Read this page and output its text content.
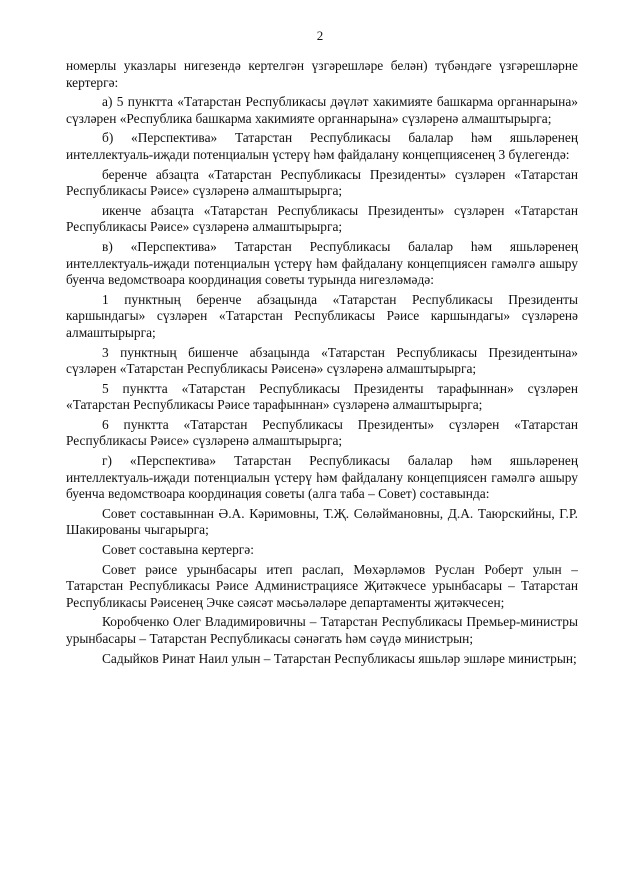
2

номерлы указлары нигезендә кертелгән үзгәрешләре белән) түбәндәге үзгәрешләрне кертергә:

а) 5 пунктта «Татарстан Республикасы дәүләт хакимияте башкарма органнарына» сүзләрен «Республика башкарма хакимияте органнарына» сүзләренә алмаштырырга;

б) «Перспектива» Татарстан Республикасы балалар һәм яшьләренең интеллектуаль-иҗади потенциалын үстерү һәм файдалану концепциясенең 3 бүлегендә:

беренче абзацта «Татарстан Республикасы Президенты» сүзләрен «Татарстан Республикасы Рәисе» сүзләренә алмаштырырга;

икенче абзацта «Татарстан Республикасы Президенты» сүзләрен «Татарстан Республикасы Рәисе» сүзләренә алмаштырырга;

в) «Перспектива» Татарстан Республикасы балалар һәм яшьләренең интеллектуаль-иҗади потенциалын үстерү һәм файдалану концепциясен гамәлгә ашыру буенча ведомствоара координация советы турында нигезләмәдә:

1 пунктның беренче абзацында «Татарстан Республикасы Президенты каршындагы» сүзләрен «Татарстан Республикасы Рәисе каршындагы» сүзләренә алмаштырырга;

3 пунктның бишенче абзацында «Татарстан Республикасы Президентына» сүзләрен «Татарстан Республикасы Рәисенә» сүзләренә алмаштырырга;

5 пунктта «Татарстан Республикасы Президенты тарафыннан» сүзләрен «Татарстан Республикасы Рәисе тарафыннан» сүзләренә алмаштырырга;

6 пунктта «Татарстан Республикасы Президенты» сүзләрен «Татарстан Республикасы Рәисе» сүзләренә алмаштырырга;

г) «Перспектива» Татарстан Республикасы балалар һәм яшьләренең интеллектуаль-иҗади потенциалын үстерү һәм файдалану концепциясен гамәлгә ашыру буенча ведомствоара координация советы (алга таба – Совет) составында:

Совет составыннан Ә.А. Кәримовны, Т.Җ. Сөләймановны, Д.А. Таюрскийны, Г.Р. Шакированы чыгарырга;

Совет составына кертергә:

Совет рәисе урынбасары итеп раслап, Мөхәрләмов Руслан Роберт улын – Татарстан Республикасы Рәисе Администрациясе Җитәкчесе урынбасары – Татарстан Республикасы Рәисенең Эчке сәясәт мәсьәләләре департаменты җитәкчесен;

Коробченко Олег Владимировичны – Татарстан Республикасы Премьер-министры урынбасары – Татарстан Республикасы сәнәгать һәм сәүдә министрын;

Садыйков Ринат Наил улын – Татарстан Республикасы яшьләр эшләре министрын;
